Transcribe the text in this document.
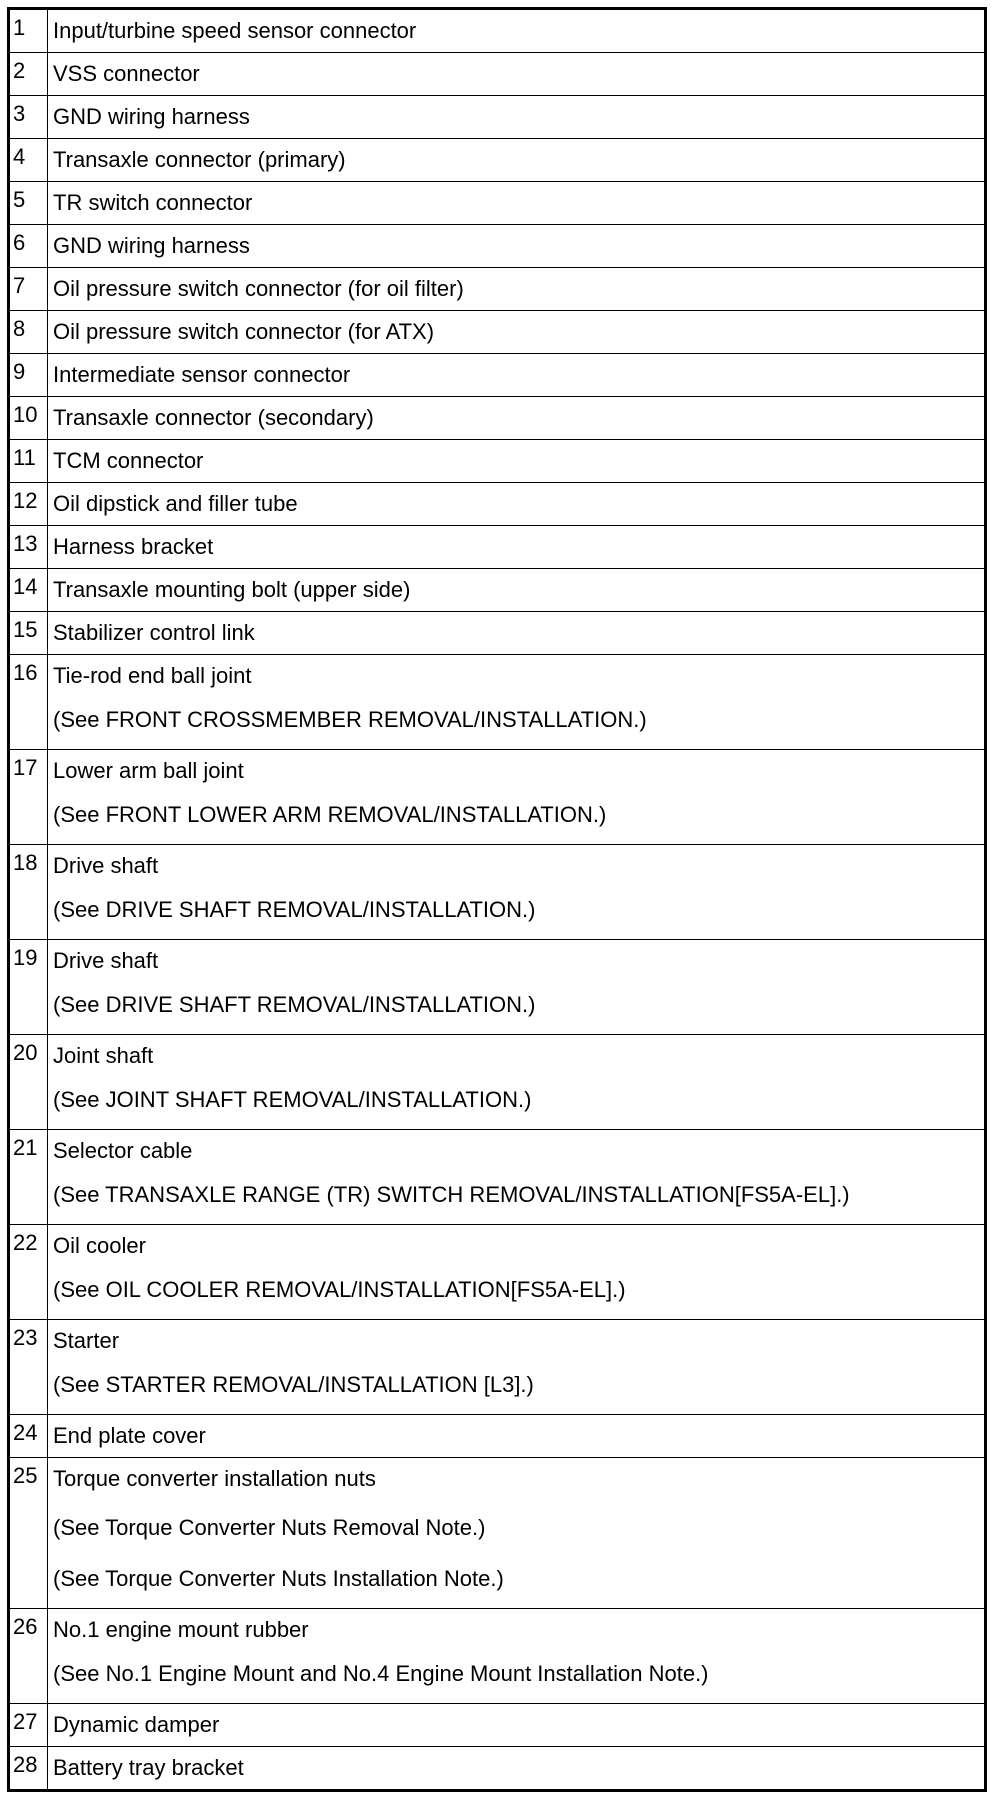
1	Input/turbine speed sensor connector

2	VSS connector

3	GND wiring harness

4	Transaxle connector (primary)

5	TR switch connector

6	GND wiring harness

7	Oil pressure switch connector (for oil filter)

8	Oil pressure switch connector (for ATX)

9	Intermediate sensor connector

10	Transaxle connector (secondary)

11	TCM connector

12	Oil dipstick and filler tube

13	Harness bracket

14	Transaxle mounting bolt (upper side)

15	Stabilizer control link

16	Tie-rod end ball joint
(See FRONT CROSSMEMBER REMOVAL/INSTALLATION.)

17	Lower arm ball joint
(See FRONT LOWER ARM REMOVAL/INSTALLATION.)

18	Drive shaft
(See DRIVE SHAFT REMOVAL/INSTALLATION.)

19	Drive shaft
(See DRIVE SHAFT REMOVAL/INSTALLATION.)

20	Joint shaft
(See JOINT SHAFT REMOVAL/INSTALLATION.)

21	Selector cable
(See TRANSAXLE RANGE (TR) SWITCH REMOVAL/INSTALLATION[FS5A-EL].)

22	Oil cooler
(See OIL COOLER REMOVAL/INSTALLATION[FS5A-EL].)

23	Starter
(See STARTER REMOVAL/INSTALLATION [L3].)

24	End plate cover

25	Torque converter installation nuts
(See Torque Converter Nuts Removal Note.)
(See Torque Converter Nuts Installation Note.)

26	No.1 engine mount rubber
(See No.1 Engine Mount and No.4 Engine Mount Installation Note.)

27	Dynamic damper

28	Battery tray bracket
